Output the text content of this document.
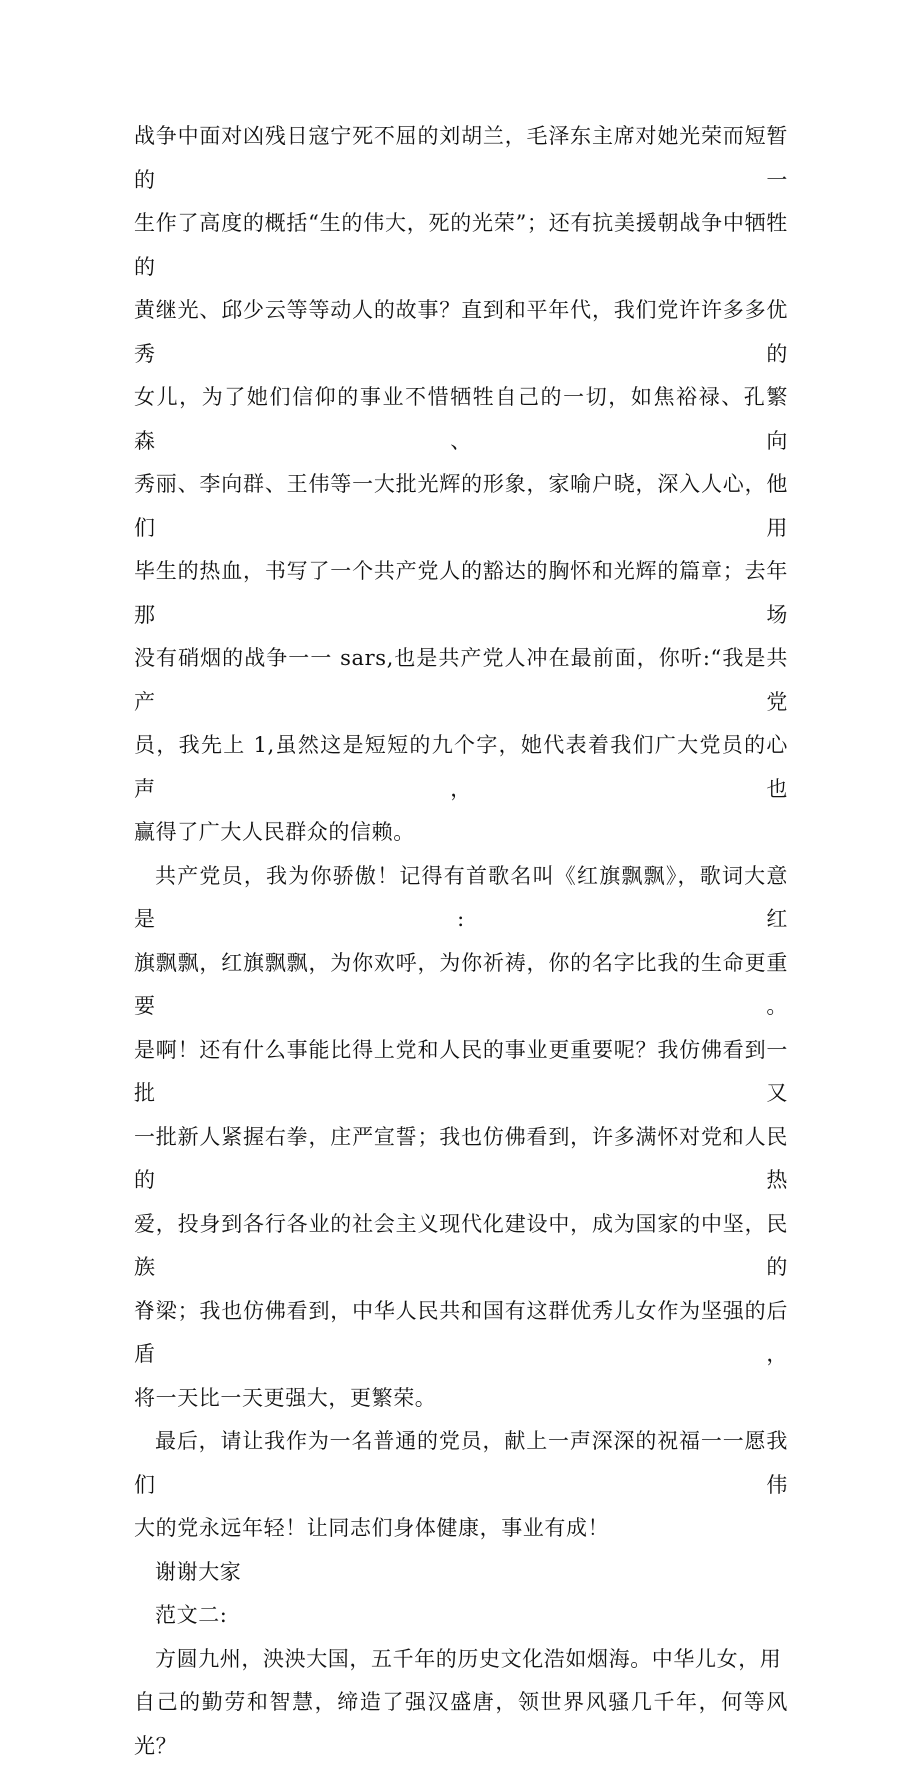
战争中面对凶残日寇宁死不屈的刘胡兰，毛泽东主席对她光荣而短暂的一
生作了高度的概括“生的伟大，死的光荣”；还有抗美援朝战争中牺牲的
黄继光、邱少云等等动人的故事？直到和平年代，我们党许许多多优秀的
女儿，为了她们信仰的事业不惜牺牲自己的一切，如焦裕禄、孔繁森、向
秀丽、李向群、王伟等一大批光辉的形象，家喻户晓，深入人心，他们用
毕生的热血，书写了一个共产党人的豁达的胸怀和光辉的篇章；去年那场
没有硝烟的战争一一 sars,也是共产党人冲在最前面，你听:“我是共产党
员，我先上 1,虽然这是短短的九个字，她代表着我们广大党员的心声，也
赢得了广大人民群众的信赖。

共产党员，我为你骄傲！记得有首歌名叫《红旗飘飘》，歌词大意是:红
旗飘飘，红旗飘飘，为你欢呼，为你祈祷，你的名字比我的生命更重要。
是啊！还有什么事能比得上党和人民的事业更重要呢？我仿佛看到一批又
一批新人紧握右拳，庄严宣誓；我也仿佛看到，许多满怀对党和人民的热
爱，投身到各行各业的社会主义现代化建设中，成为国家的中坚，民族的
脊梁；我也仿佛看到，中华人民共和国有这群优秀儿女作为坚强的后盾，
将一天比一天更强大，更繁荣。

最后，请让我作为一名普通的党员，献上一声深深的祝福一一愿我们伟
大的党永远年轻！让同志们身体健康，事业有成！

谢谢大家

范文二:

方圆九州，泱泱大国，五千年的历史文化浩如烟海。中华儿女，用
自己的勤劳和智慧，缔造了强汉盛唐，领世界风骚几千年，何等风光？
